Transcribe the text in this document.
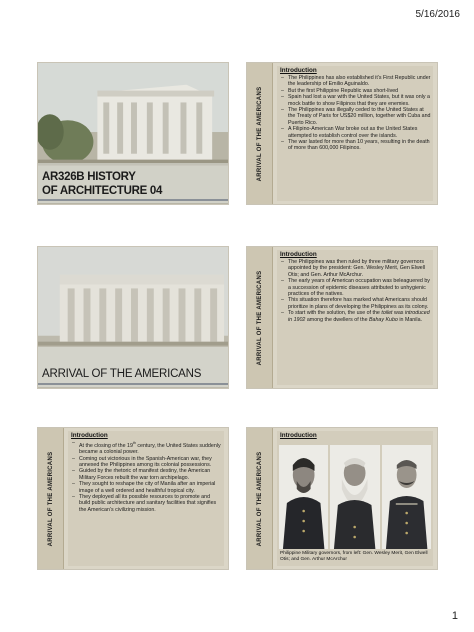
5/16/2016
AR326B HISTORY
OF ARCHITECTURE 04
ARRIVAL OF THE AMERICANS
Introduction
– The Philippines has also established it’s First Republic under the leadership of Emilio Aguinaldo.
– But the first Philippine Republic was short-lived
– Spain had lost a war with the United States, but it was only a mock battle to show Filipinos that they are enemies.
– The Philippines was illegally ceded to the United States at the Treaty of Paris for US$20 million, together with Cuba and Puerto Rico.
– A Filipino-American War broke out as the United States attempted to establish control over the islands.
– The war lasted for more than 10 years, resulting in the death of more than 600,000 Filipinos.
ARRIVAL OF THE AMERICANS
ARRIVAL OF THE AMERICANS
Introduction
– The Philippines was then ruled by three military governors appointed by the president: Gen. Wesley Merit, Gen Elwell Otis; and Gen. Arthur McArchur.
– The early years of American occupation was beleaguered by a succession of epidemic diseases attributed to unhygienic practices of the natives.
– This situation therefore has marked what Americans should prioritize in plans of developing the Philippines as its colony.
– To start with the solution, the use of the toilet was introduced in 1902 among the dwellers of the Bahay Kubo in Manila.
ARRIVAL OF THE AMERICANS
Introduction
– At the closing of the 19th century, the United States suddenly became a colonial power.
– Coming out victorious in the Spanish-American war, they annexed the Philippines among its colonial possessions.
– Guided by the rhetoric of manifest destiny, the American Military Forces rebuilt the war torn archipelago.
– They sought to reshape the city of Manila after an imperial image of a well ordered and healthful tropical city.
– They deployed all its possible resources to promote and build public architecture and sanitary facilities that signifies the American’s civilizing mission.	ARRIVAL OF THE AMERICANS
Introduction
Philippine Military governors, from left: Gen. Wesley Merit, Gen Elwell Otis; and Gen. Arthur McArchur
1
